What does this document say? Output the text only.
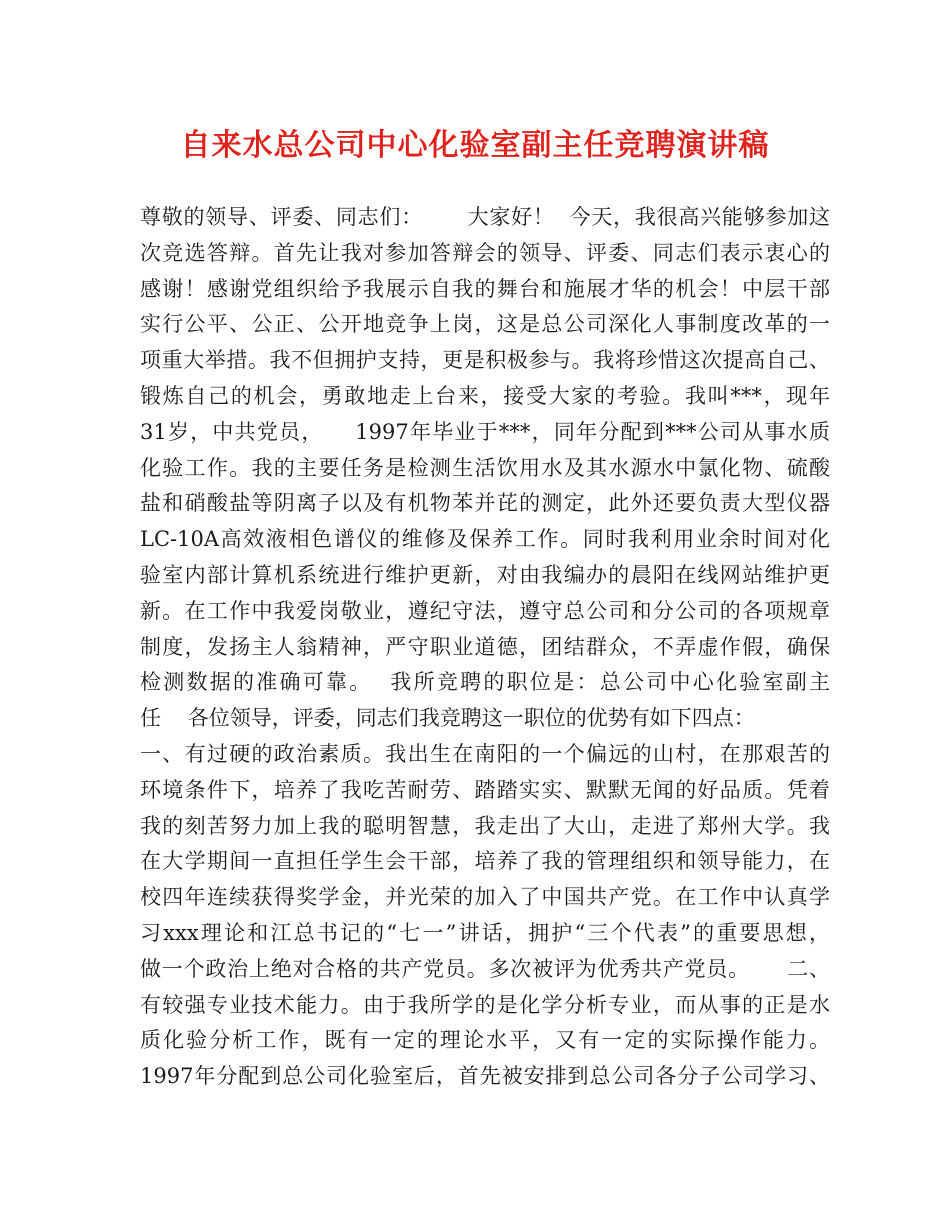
自来水总公司中心化验室副主任竞聘演讲稿
尊敬的领导、评委、同志们：      大家好！  今天，我很高兴能够参加这
次竞选答辩。首先让我对参加答辩会的领导、评委、同志们表示衷心的
感谢！感谢党组织给予我展示自我的舞台和施展才华的机会！中层干部
实行公平、公正、公开地竞争上岗，这是总公司深化人事制度改革的一
项重大举措。我不但拥护支持，更是积极参与。我将珍惜这次提高自己、
锻炼自己的机会，勇敢地走上台来，接受大家的考验。我叫***，现年
31岁，中共党员，    1997年毕业于***，同年分配到***公司从事水质
化验工作。我的主要任务是检测生活饮用水及其水源水中氯化物、硫酸
盐和硝酸盐等阴离子以及有机物苯并芘的测定，此外还要负责大型仪器
LC-10A高效液相色谱仪的维修及保养工作。同时我利用业余时间对化
验室内部计算机系统进行维护更新，对由我编办的晨阳在线网站维护更
新。在工作中我爱岗敬业，遵纪守法，遵守总公司和分公司的各项规章
制度，发扬主人翁精神，严守职业道德，团结群众，不弄虚作假，确保
检测数据的准确可靠。  我所竞聘的职位是：总公司中心化验室副主
任    各位领导，评委，同志们我竞聘这一职位的优势有如下四点：
一、有过硬的政治素质。我出生在南阳的一个偏远的山村，在那艰苦的
环境条件下，培养了我吃苦耐劳、踏踏实实、默默无闻的好品质。凭着
我的刻苦努力加上我的聪明智慧，我走出了大山，走进了郑州大学。我
在大学期间一直担任学生会干部，培养了我的管理组织和领导能力，在
校四年连续获得奖学金，并光荣的加入了中国共产党。在工作中认真学
习xxx理论和江总书记的“七一”讲话，拥护“三个代表”的重要思想，
做一个政治上绝对合格的共产党员。多次被评为优秀共产党员。     二、
有较强专业技术能力。由于我所学的是化学分析专业，而从事的正是水
质化验分析工作，既有一定的理论水平，又有一定的实际操作能力。
1997年分配到总公司化验室后，首先被安排到总公司各分子公司学习、
